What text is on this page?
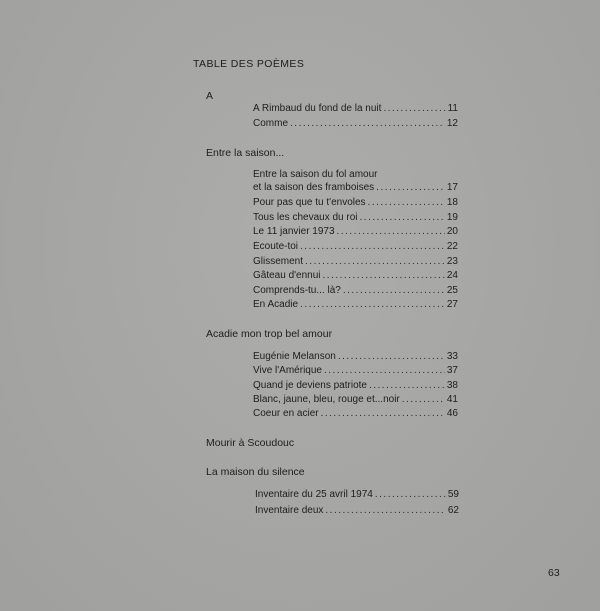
TABLE DES POÈMES
A
A Rimbaud du fond de la nuit .....	11
Comme .....	12
Entre la saison...
Entre la saison du fol amour
et la saison des framboises .....	17
Pour pas que tu t'envoles .....	18
Tous les chevaux du roi .....	19
Le 11 janvier 1973 .....	20
Écoute-toi .....	22
Glissement .....	23
Gâteau d'ennui .....	24
Comprends-tu... là? .....	25
En Acadie .....	27
Acadie mon trop bel amour
Eugénie Melanson .....	33
Vive l'Amérique .....	37
Quand je deviens patriote .....	38
Blanc, jaune, bleu, rouge et...noir .....	41
Coeur en acier .....	46
Mourir à Scoudouc
La maison du silence
Inventaire du 25 avril 1974 .....	59
Inventaire deux .....	62
63
